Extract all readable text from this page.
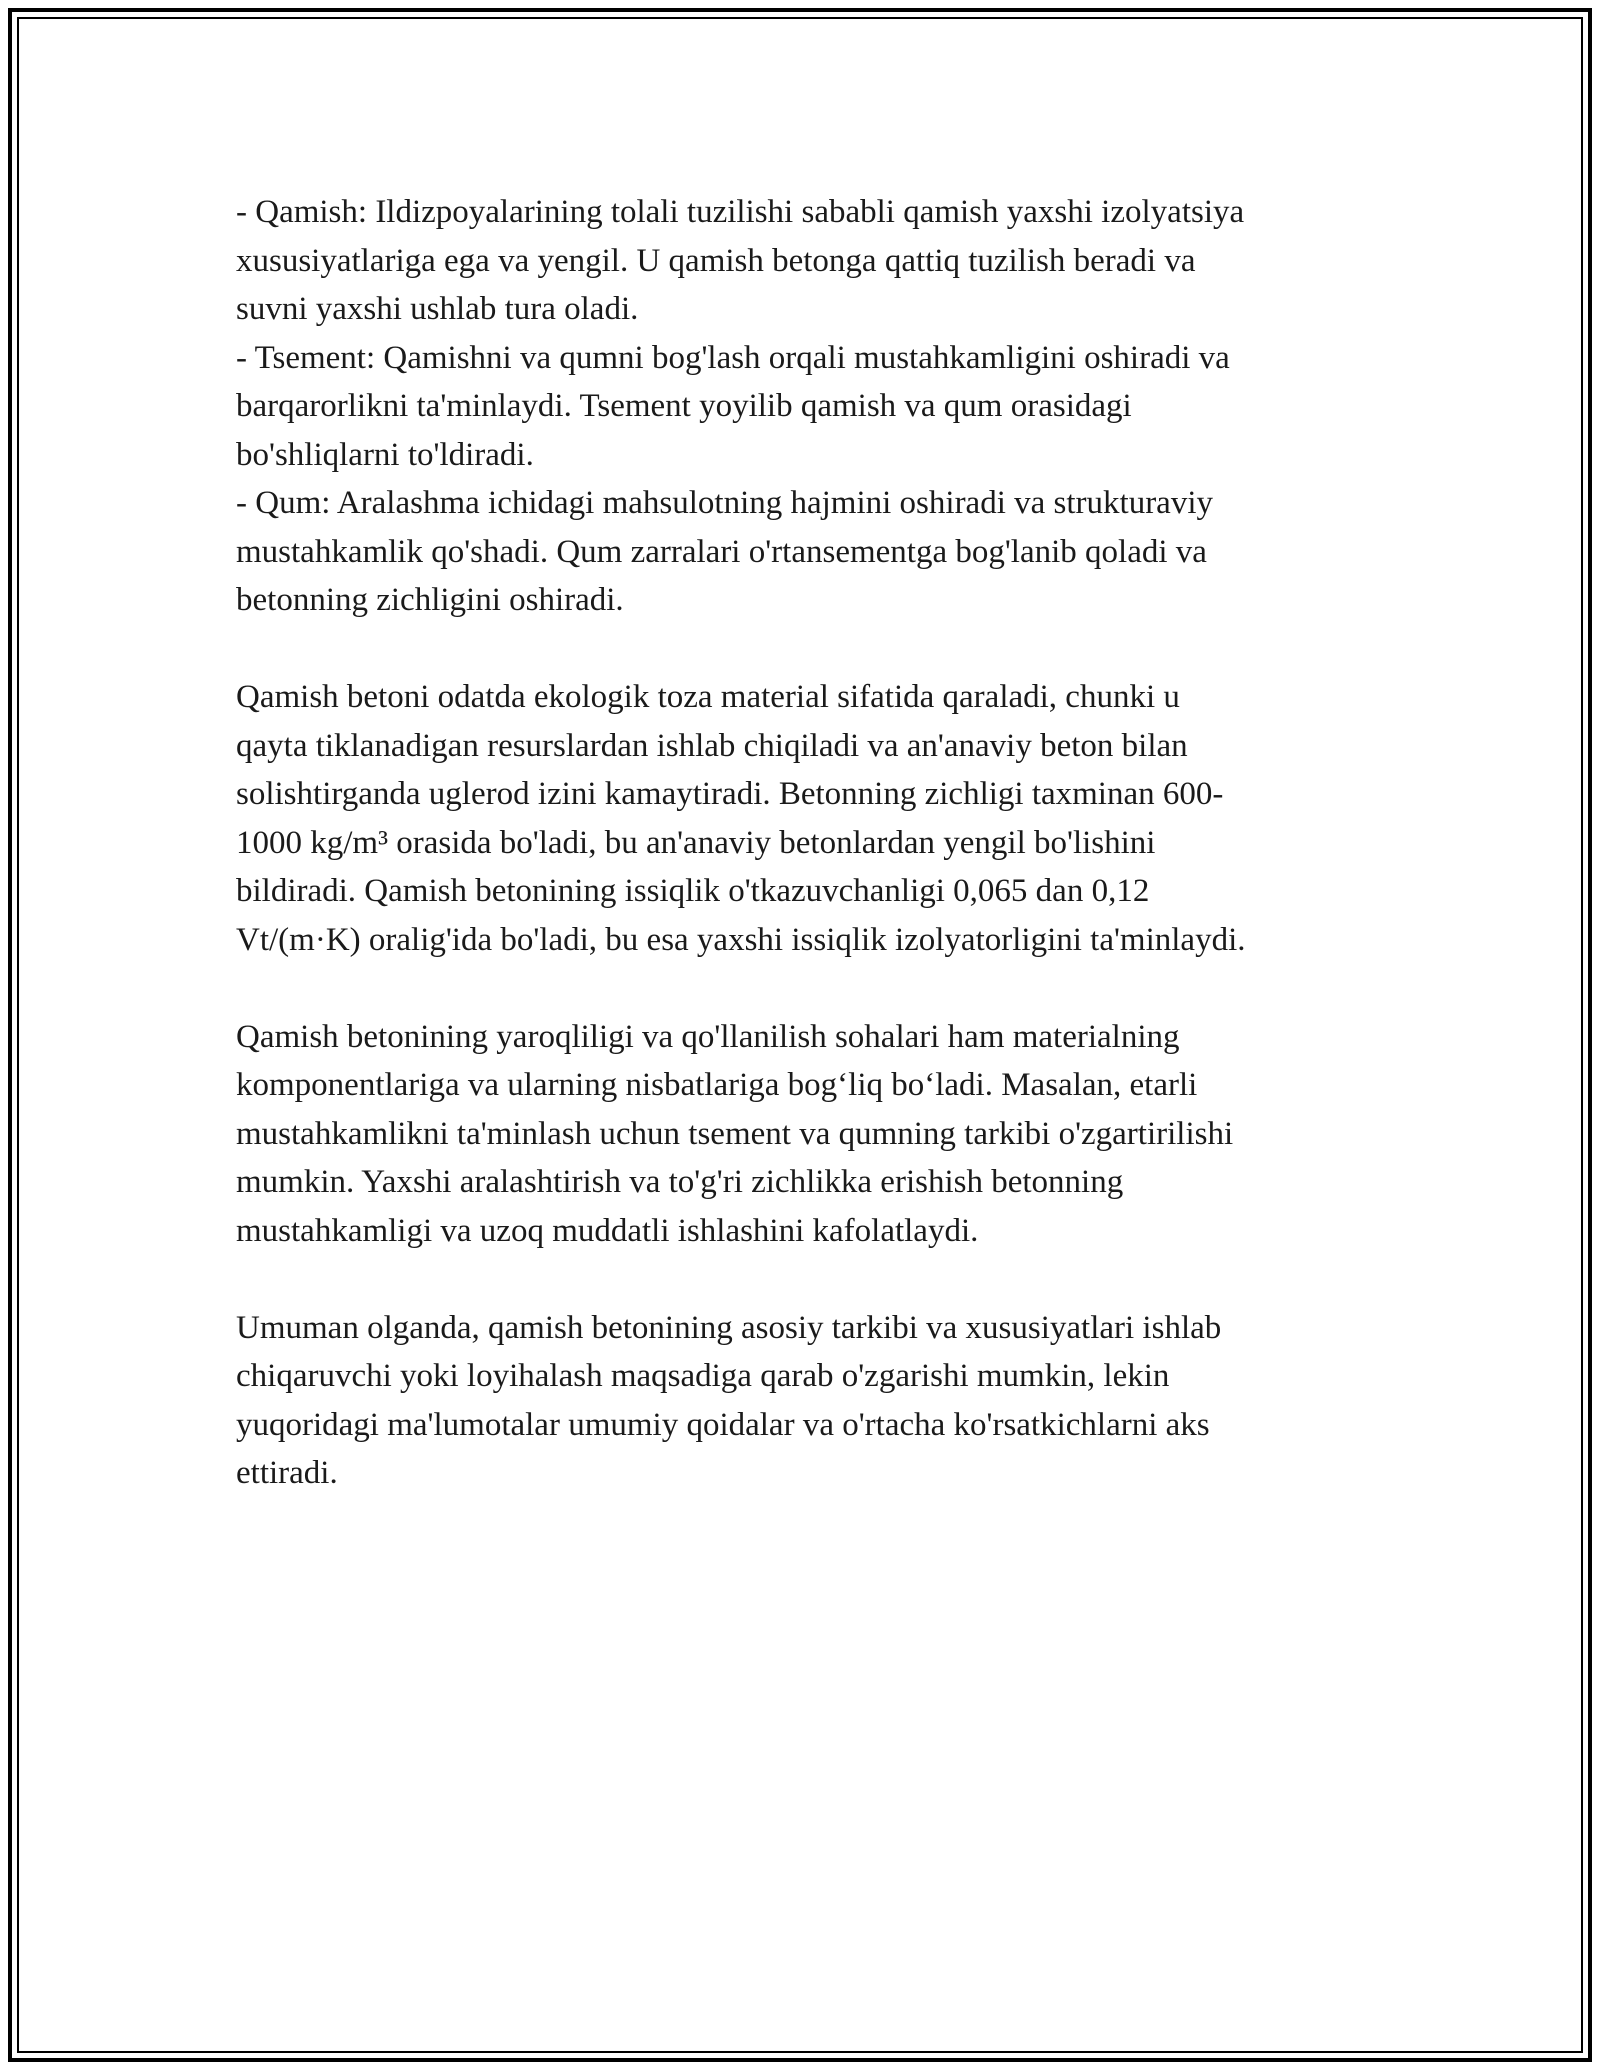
- Qamish: Ildizpoyalarining tolali tuzilishi sababli qamish yaxshi izolyatsiya
xususiyatlariga ega va yengil. U qamish betonga qattiq tuzilish beradi va
suvni yaxshi ushlab tura oladi.
- Tsement: Qamishni va qumni bog'lash orqali mustahkamligini oshiradi va
barqarorlikni ta'minlaydi. Tsement yoyilib qamish va qum orasidagi
bo'shliqlarni to'ldiradi.
- Qum: Aralashma ichidagi mahsulotning hajmini oshiradi va strukturaviy
mustahkamlik qo'shadi. Qum zarralari o'rtansementga bog'lanib qoladi va
betonning zichligini oshiradi.
Qamish betoni odatda ekologik toza material sifatida qaraladi, chunki u
qayta tiklanadigan resurslardan ishlab chiqiladi va an'anaviy beton bilan
solishtirganda uglerod izini kamaytiradi. Betonning zichligi taxminan 600-
1000 kg/m³ orasida bo'ladi, bu an'anaviy betonlardan yengil bo'lishini
bildiradi. Qamish betonining issiqlik o'tkazuvchanligi 0,065 dan 0,12
Vt/(m·K) oralig'ida bo'ladi, bu esa yaxshi issiqlik izolyatorligini ta'minlaydi.
Qamish betonining yaroqliligi va qo'llanilish sohalari ham materialning
komponentlariga va ularning nisbatlariga bog‘liq bo‘ladi. Masalan, etarli
mustahkamlikni ta'minlash uchun tsement va qumning tarkibi o'zgartirilishi
mumkin. Yaxshi aralashtirish va to'g'ri zichlikka erishish betonning
mustahkamligi va uzoq muddatli ishlashini kafolatlaydi.
Umuman olganda, qamish betonining asosiy tarkibi va xususiyatlari ishlab
chiqaruvchi yoki loyihalash maqsadiga qarab o'zgarishi mumkin, lekin
yuqoridagi ma'lumotalar umumiy qoidalar va o'rtacha ko'rsatkichlarni aks
ettiradi.
